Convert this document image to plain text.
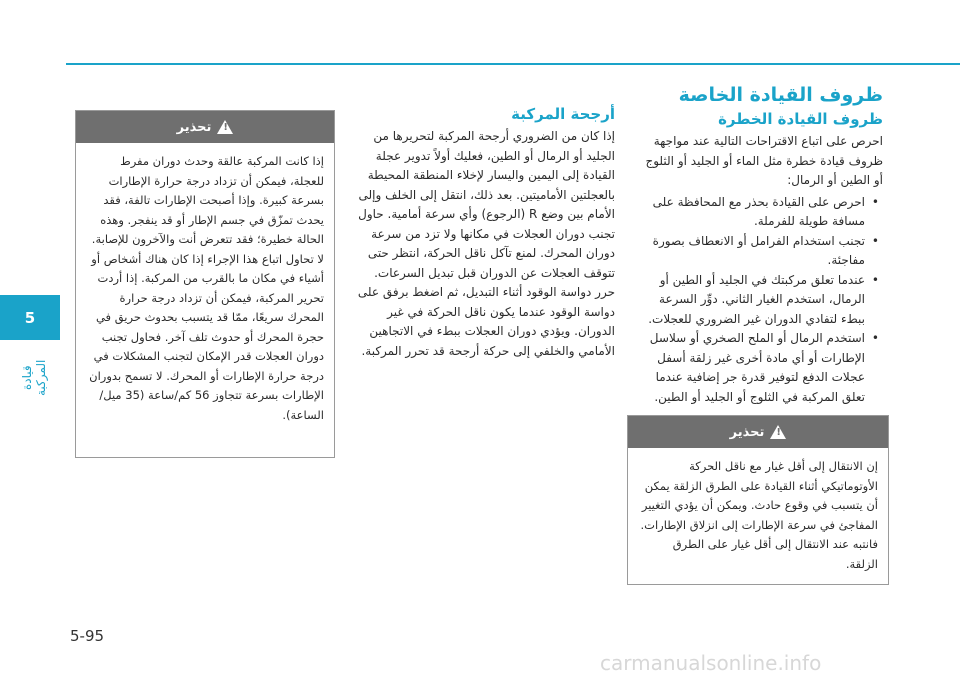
ظروف القيادة الخاصة
ظروف القيادة الخطرة

احرص على اتباع الاقتراحات التالية عند مواجهة ظروف قيادة خطرة مثل الماء أو الجليد أو الثلوج أو الطين أو الرمال:

• احرص على القيادة بحذر مع المحافظة على مسافة طويلة للفرملة.
• تجنب استخدام الفرامل أو الانعطاف بصورة مفاجئة.
• عندما تعلق مركبتك في الجليد أو الطين أو الرمال، استخدم الغيار الثاني. دوِّر السرعة ببطء لتفادي الدوران غير الضروري للعجلات.
• استخدم الرمال أو الملح الصخري أو سلاسل الإطارات أو أي مادة أخرى غير زلقة أسفل عجلات الدفع لتوفير قدرة جر إضافية عندما تعلق المركبة في الثلوج أو الجليد أو الطين.
!
تحذير
إن الانتقال إلى أقل غيار مع ناقل الحركة الأوتوماتيكي أثناء القيادة على الطرق الزلقة يمكن أن يتسبب في وقوع حادث. ويمكن أن يؤدي التغيير المفاجئ في سرعة الإطارات إلى انزلاق الإطارات. فانتبه عند الانتقال إلى أقل غيار على الطرق الزلقة.
أرجحة المركبة

إذا كان من الضروري أرجحة المركبة لتحريرها من الجليد أو الرمال أو الطين، فعليك أولاً تدوير عجلة القيادة إلى اليمين واليسار لإخلاء المنطقة المحيطة بالعجلتين الأماميتين. بعد ذلك، انتقل إلى الخلف وإلى الأمام بين وضع R (الرجوع) وأي سرعة أمامية. حاول تجنب دوران العجلات في مكانها ولا تزد من سرعة دوران المحرك. لمنع تآكل ناقل الحركة، انتظر حتى تتوقف العجلات عن الدوران قبل تبديل السرعات. حرر دواسة الوقود أثناء التبديل، ثم اضغط برفق على دواسة الوقود عندما يكون ناقل الحركة في غير الدوران. ويؤدي دوران العجلات ببطء في الاتجاهين الأمامي والخلفي إلى حركة أرجحة قد تحرر المركبة.

!
تحذير
إذا كانت المركبة عالقة وحدث دوران مفرط للعجلة، فيمكن أن تزداد درجة حرارة الإطارات بسرعة كبيرة. وإذا أصبحت الإطارات تالفة، فقد يحدث تمزّق في جسم الإطار أو قد ينفجر. وهذه الحالة خطيرة؛ فقد تتعرض أنت والآخرون للإصابة. لا تحاول اتباع هذا الإجراء إذا كان هناك أشخاص أو أشياء في مكان ما بالقرب من المركبة. إذا أردت تحرير المركبة، فيمكن أن تزداد درجة حرارة المحرك سريعًا، ممّا قد يتسبب بحدوث حريق في حجرة المحرك أو حدوث تلف آخر. فحاول تجنب دوران العجلات قدر الإمكان لتجنب المشكلات في درجة حرارة الإطارات أو المحرك. لا تسمح بدوران الإطارات بسرعة تتجاوز 56 كم/ساعة (35 ميل/الساعة).
5
قيادة المركبة
5-95
carmanualsonline.info
